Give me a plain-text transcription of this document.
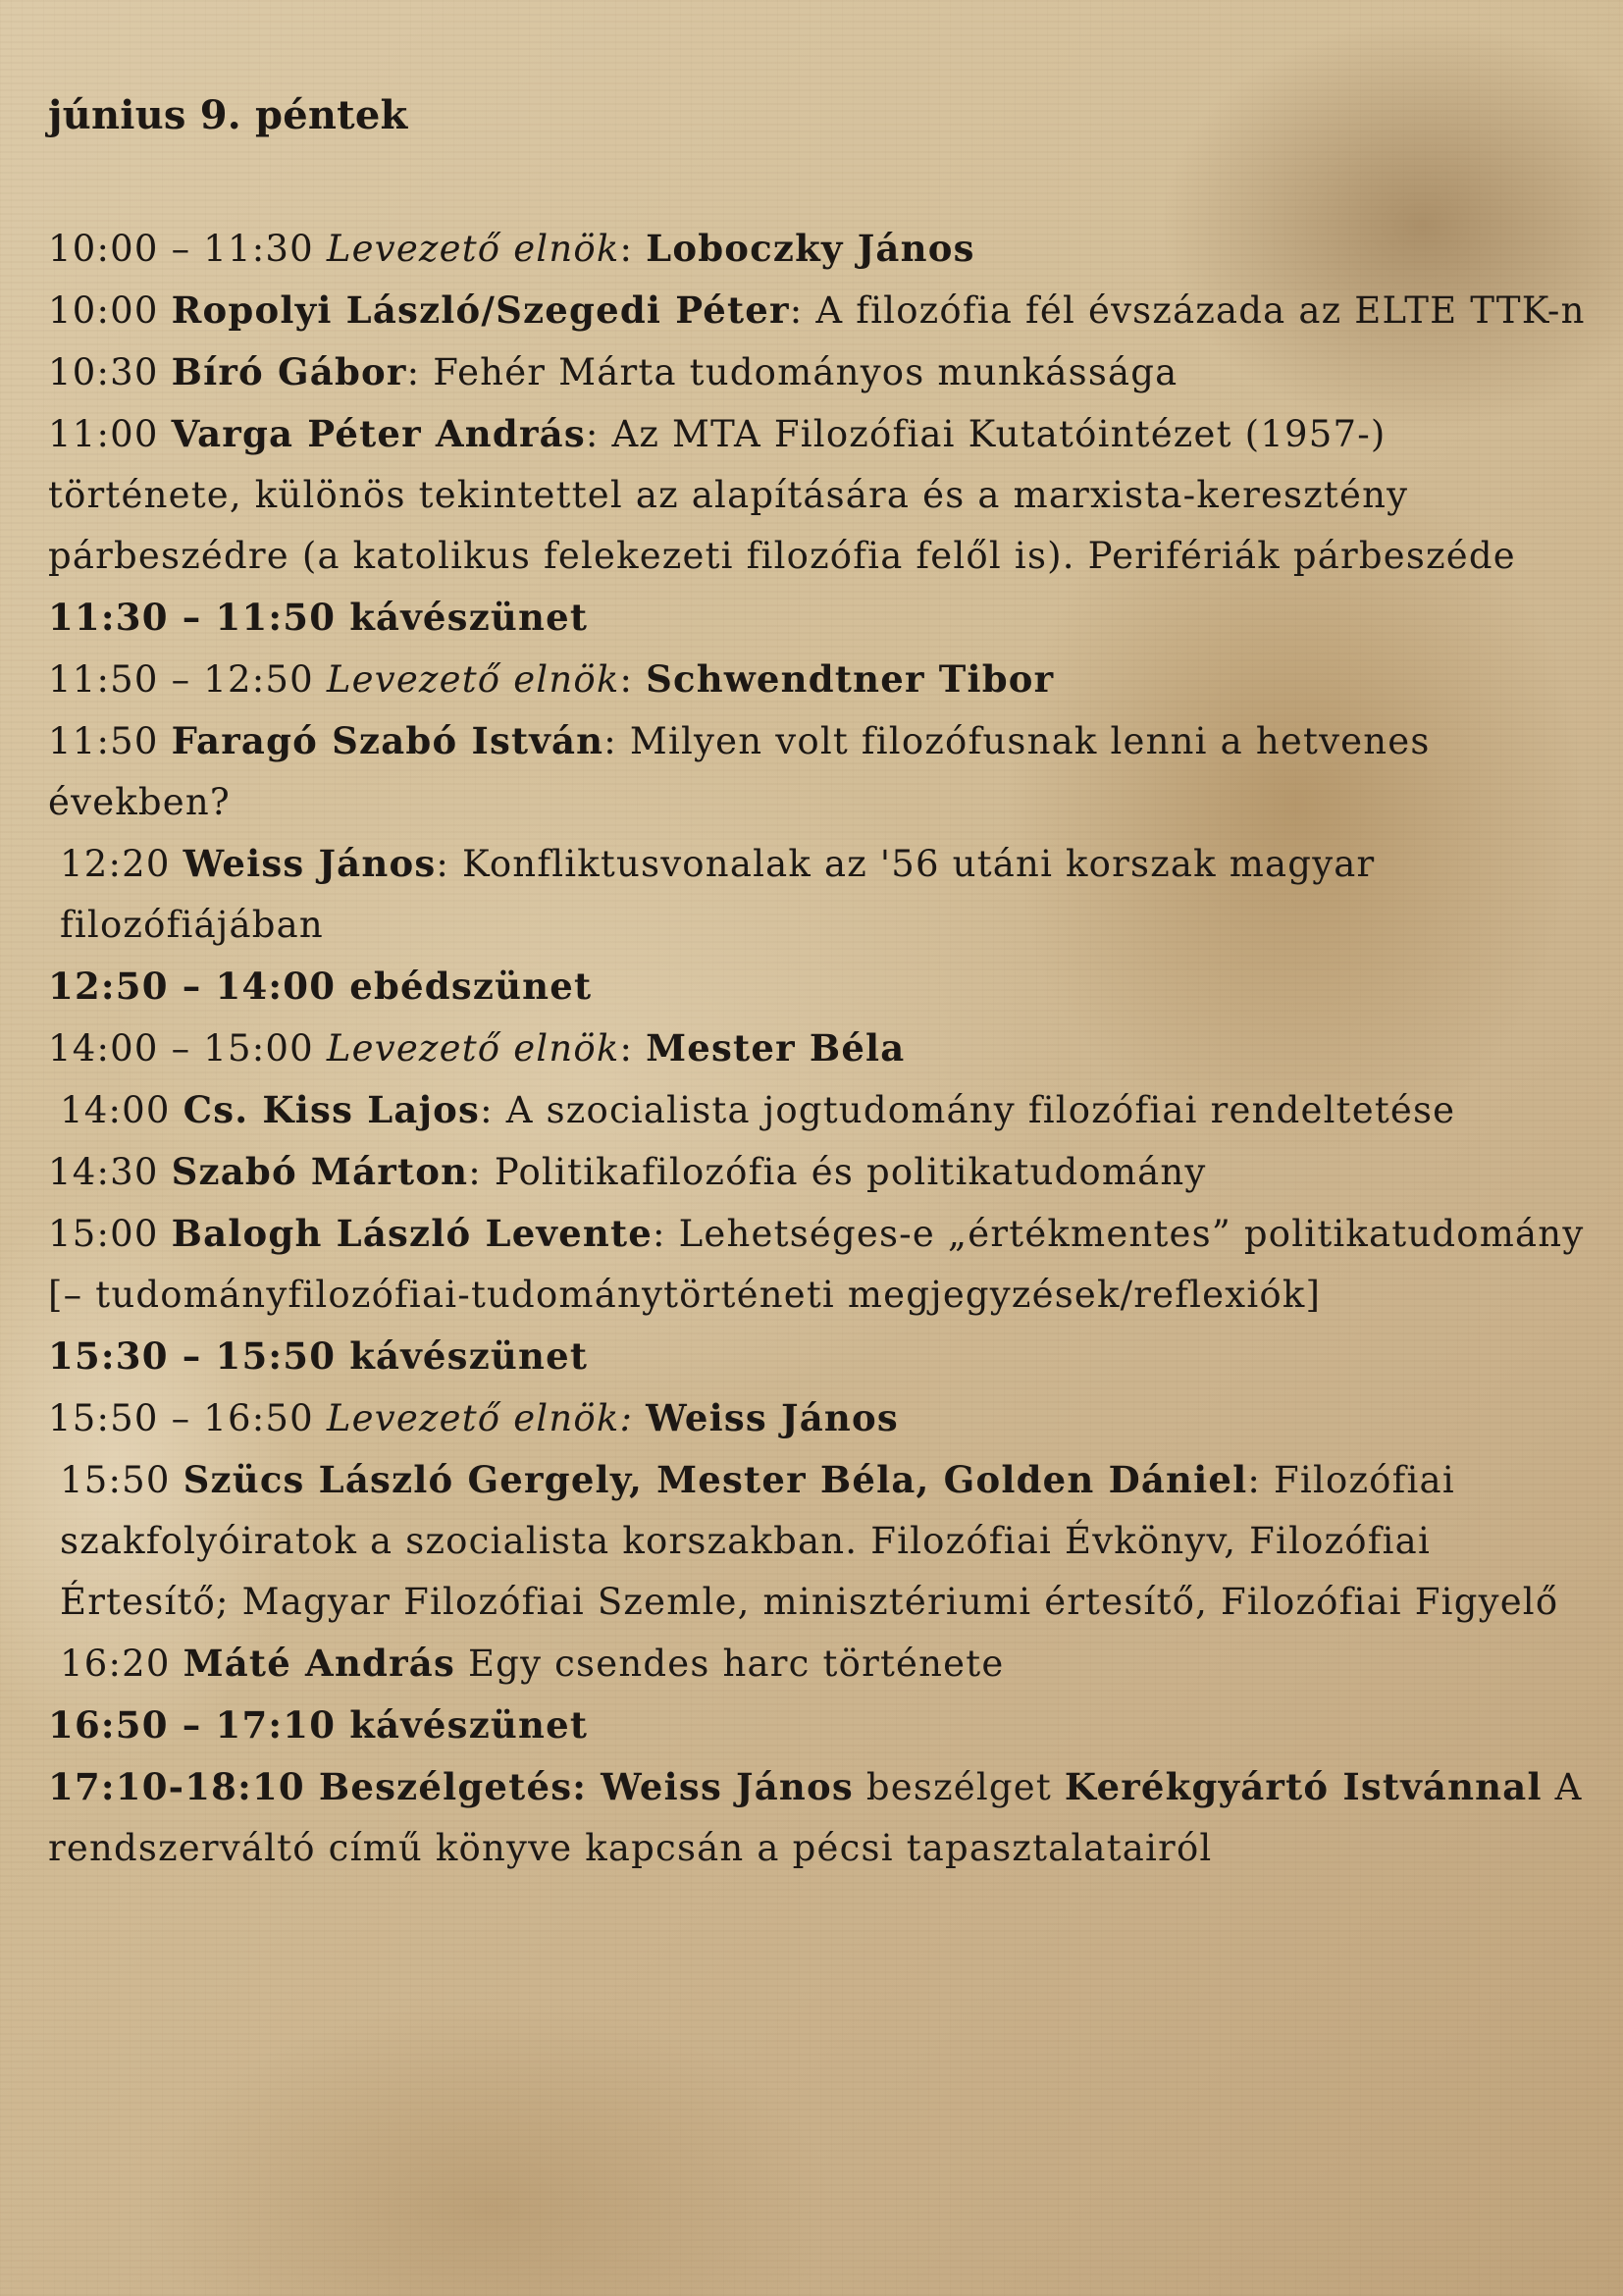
június 9. péntek
10:00 – 11:30 Levezető elnök: Loboczky János
10:00 Ropolyi László/Szegedi Péter: A filozófia fél évszázada az ELTE TTK-n
10:30 Bíró Gábor: Fehér Márta tudományos munkássága
11:00 Varga Péter András: Az MTA Filozófiai Kutatóintézet (1957-) története, különös tekintettel az alapítására és a marxista-keresztény párbeszédre (a katolikus felekezeti filozófia felől is). Perifériák párbeszéde
11:30 – 11:50 kávészünet
11:50 – 12:50 Levezető elnök: Schwendtner Tibor
11:50 Faragó Szabó István: Milyen volt filozófusnak lenni a hetvenes években?
12:20 Weiss János: Konfliktusvonalak az '56 utáni korszak magyar filozófiájában
12:50 – 14:00 ebédszünet
14:00 – 15:00 Levezető elnök: Mester Béla
14:00 Cs. Kiss Lajos: A szocialista jogtudomány filozófiai rendeltetése
14:30 Szabó Márton: Politikafilozófia és politikatudomány
15:00 Balogh László Levente: Lehetséges-e „értékmentes” politikatudomány [– tudományfilozófiai-tudománytörténeti megjegyzések/reflexiók]
15:30 – 15:50 kávészünet
15:50 – 16:50 Levezető elnök: Weiss János
15:50 Szücs László Gergely, Mester Béla, Golden Dániel: Filozófiai szakfolyóiratok a szocialista korszakban. Filozófiai Évkönyv, Filozófiai Értesítő; Magyar Filozófiai Szemle, minisztériumi értesítő, Filozófiai Figyelő
16:20 Máté András Egy csendes harc története
16:50 – 17:10 kávészünet
17:10-18:10 Beszélgetés: Weiss János beszélget Kerékgyártó Istvánnal A rendszerváltó című könyve kapcsán a pécsi tapasztalatairól
